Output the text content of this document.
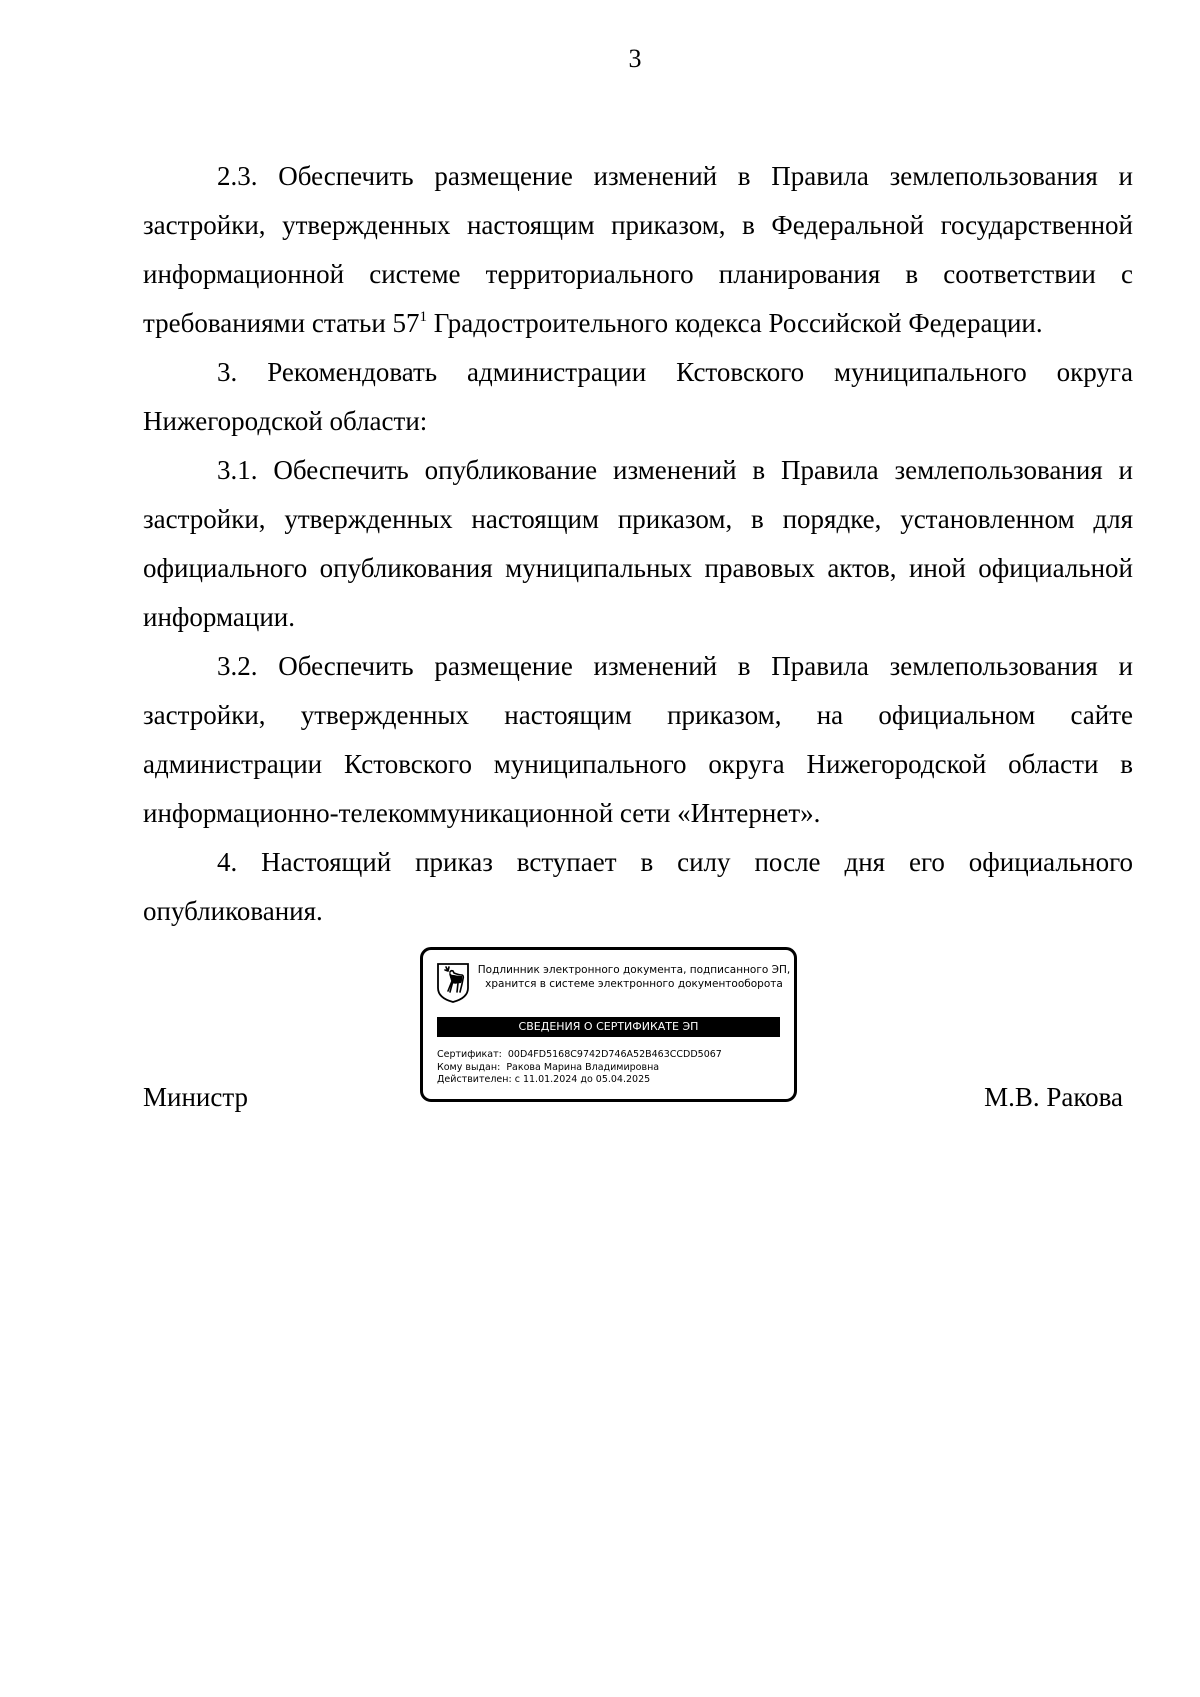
3

2.3. Обеспечить размещение изменений в Правила землепользования и застройки, утвержденных настоящим приказом, в Федеральной государственной информационной системе территориального планирования в соответствии с требованиями статьи $57^1$ Градостроительного кодекса Российской Федерации.

3. Рекомендовать администрации Кстовского муниципального округа Нижегородской области:

3.1. Обеспечить опубликование изменений в Правила землепользования и застройки, утвержденных настоящим приказом, в порядке, установленном для официального опубликования муниципальных правовых актов, иной официальной информации.

3.2. Обеспечить размещение изменений в Правила землепользования и застройки, утвержденных настоящим приказом, на официальном сайте администрации Кстовского муниципального округа Нижегородской области в информационно-телекоммуникационной сети «Интернет».

4. Настоящий приказ вступает в силу после дня его официального опубликования.

Подлинник электронного документа, подписанного ЭП,
хранится в системе электронного документооборота
СВЕДЕНИЯ О СЕРТИФИКАТЕ ЭП
Сертификат: 00D4FD5168C9742D746A52B463CCDD5067
Кому выдан: Ракова Марина Владимировна
Действителен: с 11.01.2024 до 05.04.2025
Министр	М.В. Ракова
